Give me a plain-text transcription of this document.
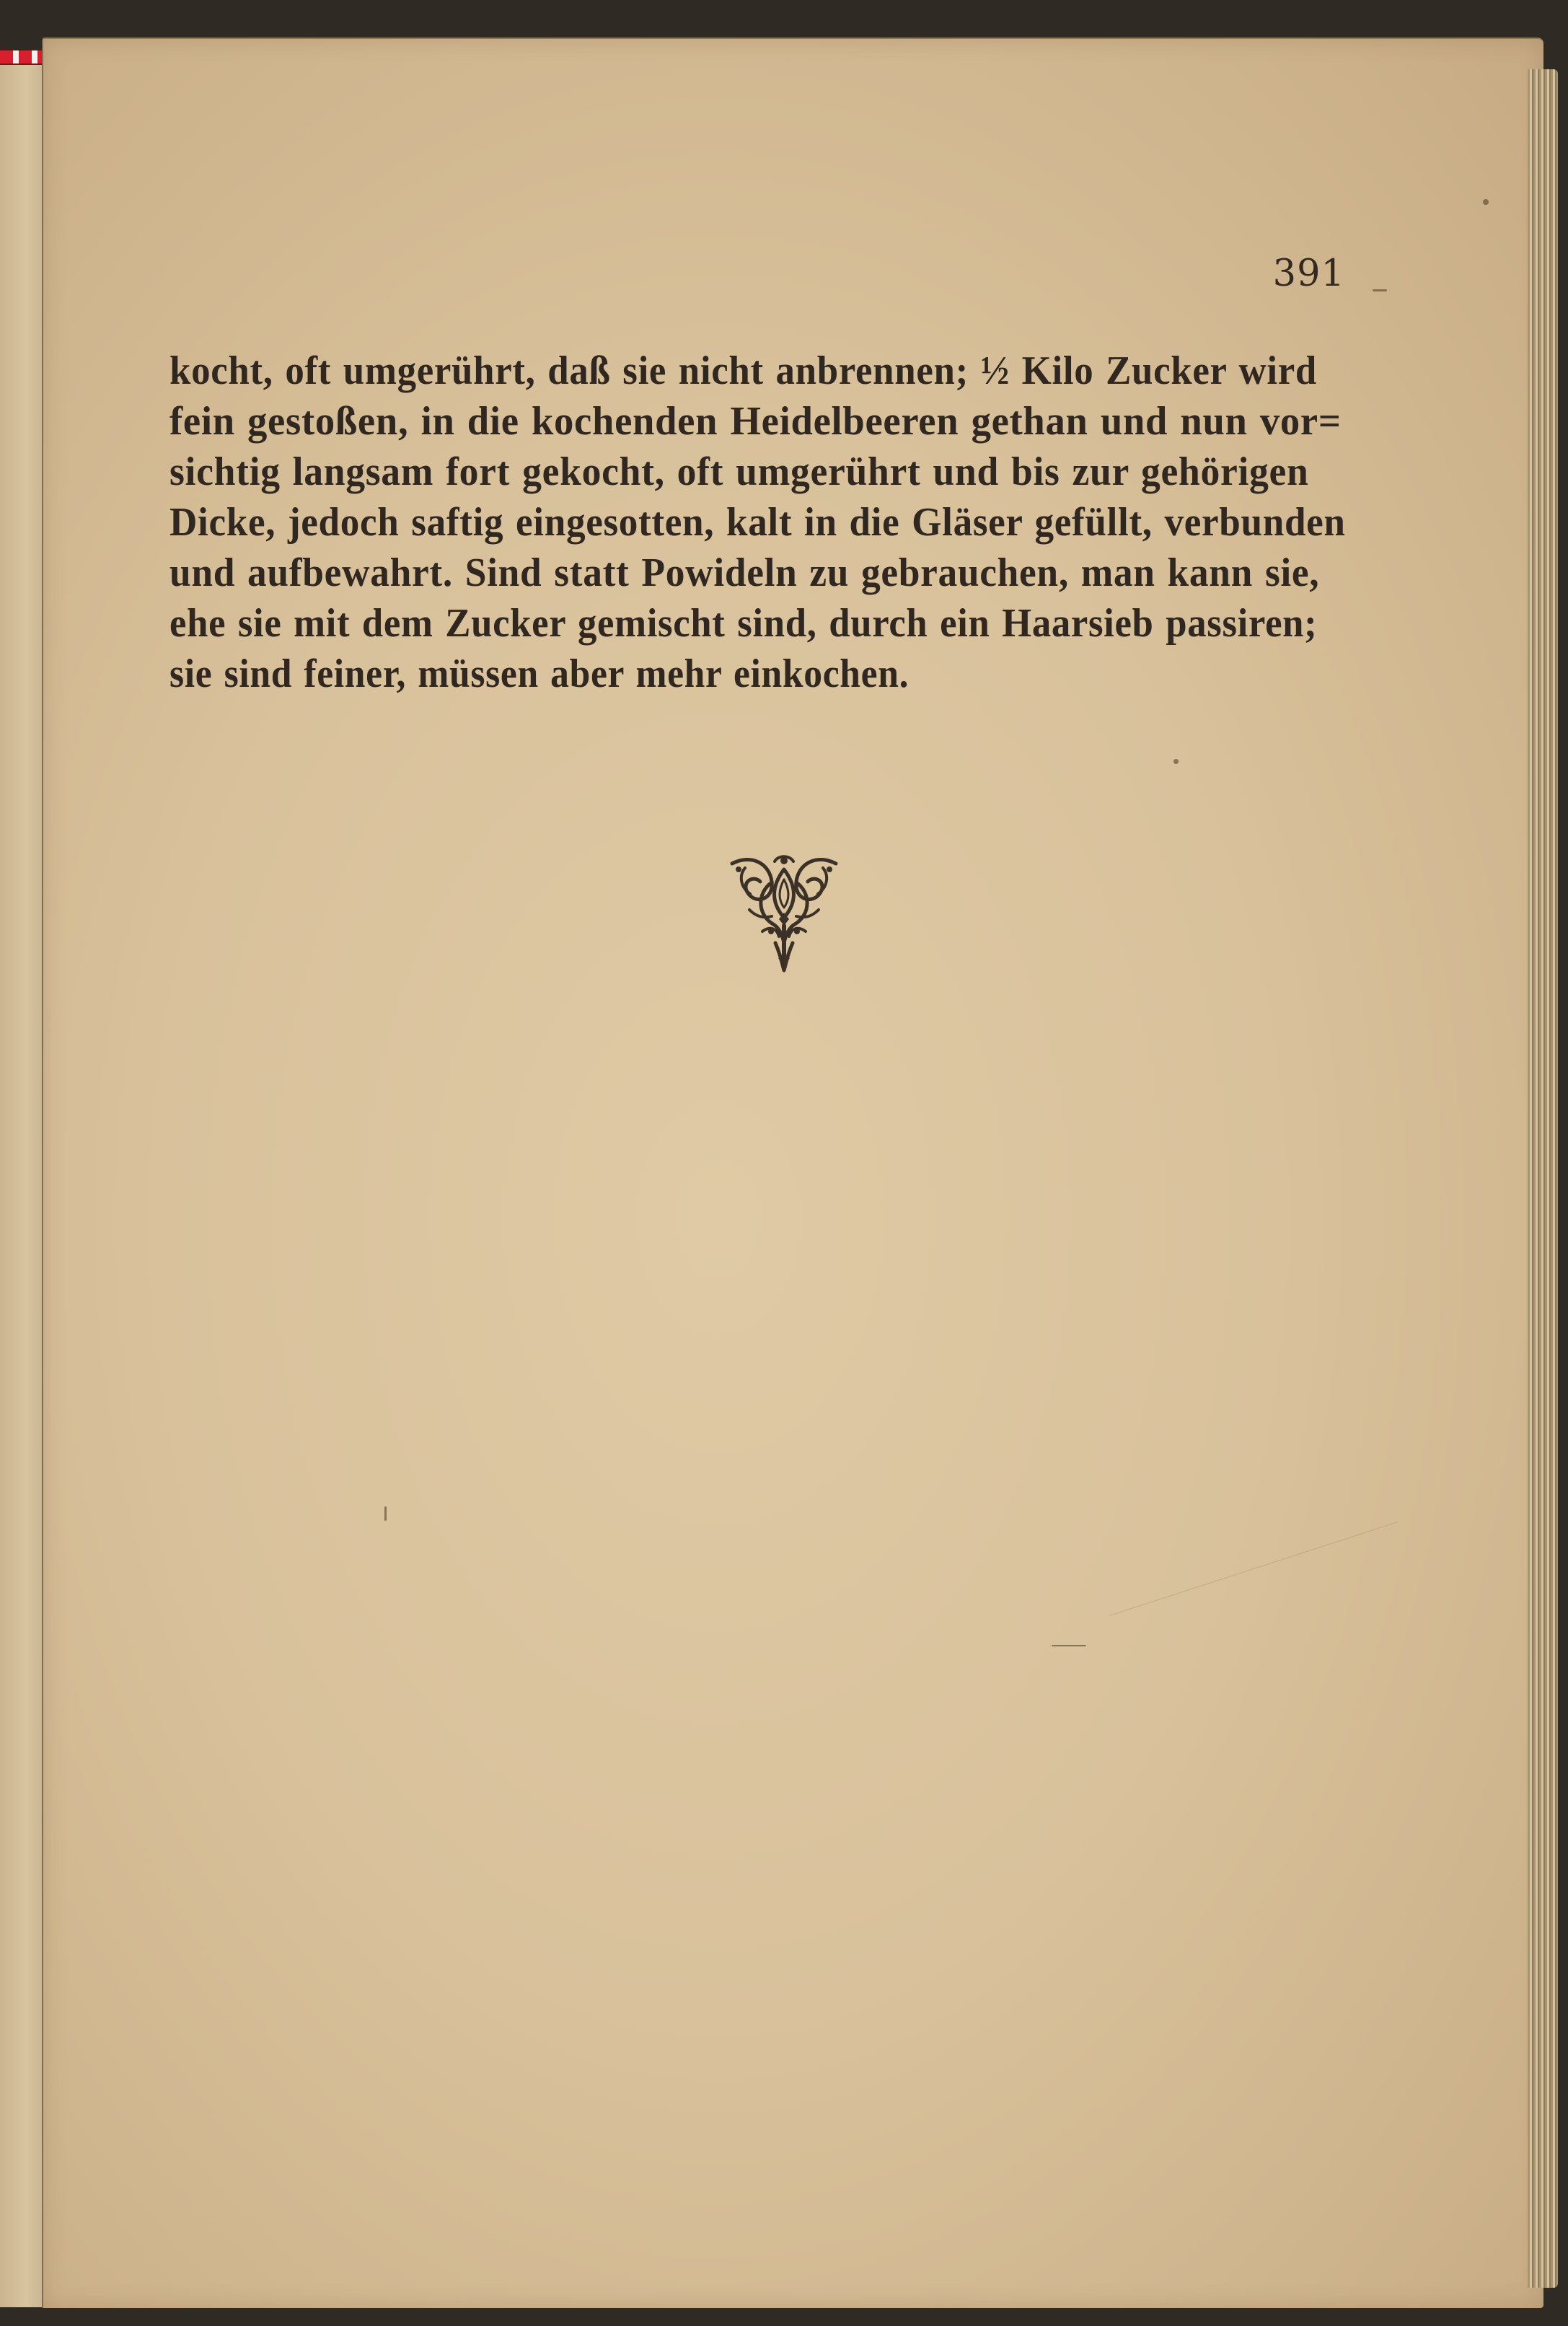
391

kocht, oft umgerührt, daß sie nicht anbrennen; ½ Kilo Zucker wird
fein gestoßen, in die kochenden Heidelbeeren gethan und nun vor=
sichtig langsam fort gekocht, oft umgerührt und bis zur gehörigen
Dicke, jedoch saftig eingesotten, kalt in die Gläser gefüllt, verbunden
und aufbewahrt. Sind statt Powideln zu gebrauchen, man kann sie,
ehe sie mit dem Zucker gemischt sind, durch ein Haarsieb passiren;
sie sind feiner, müssen aber mehr einkochen.
